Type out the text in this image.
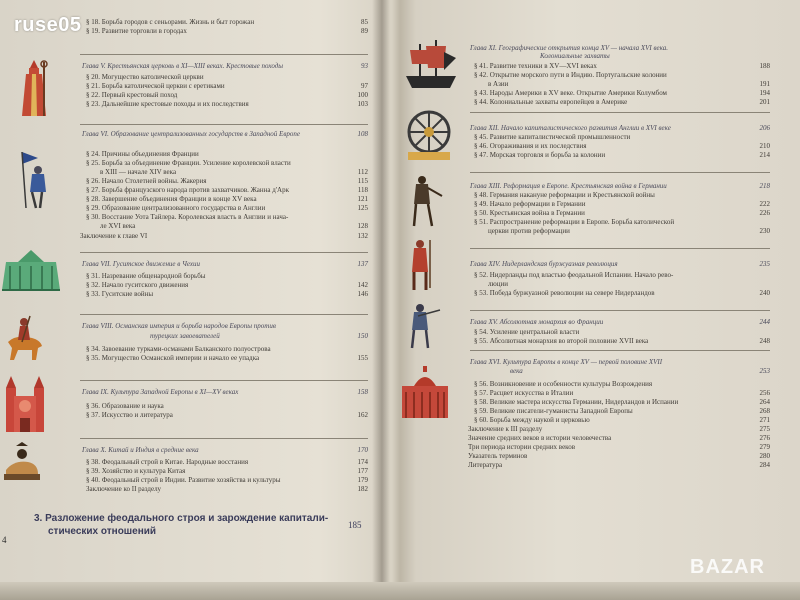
ruse05
BAZAR
§ 18. Борьба городов с сеньорами. Жизнь и быт горожан	85
§ 19. Развитие торговли в городах	89
Глава V. Крестьянская церковь в XI—XIII веках. Крестовые походы	93
§ 20. Могущество католической церкви
§ 21. Борьба католической церкви с еретиками	97
§ 22. Первый крестовый поход	100
§ 23. Дальнейшие крестовые походы и их последствия	103
Глава VI. Образование централизованных государств в Западной Европе	108
§ 24. Причины объединения Франции
§ 25. Борьба за объединение Франции. Усиление королевской власти
в XIII — начале XIV века	112
§ 26. Начало Столетней войны. Жакерия	115
§ 27. Борьба французского народа против захватчиков. Жанна д'Арк	118
§ 28. Завершение объединения Франции в конце XV века	121
§ 29. Образование централизованного государства в Англии	125
§ 30. Восстание Уота Тайлера. Королевская власть в Англии и нача-
ле XVI века	128
Заключение к главе VI	132
Глава VII. Гуситское движение в Чехии	137
§ 31. Назревание общенародной борьбы
§ 32. Начало гуситского движения	142
§ 33. Гуситские войны	146
Глава VIII. Османская империя и борьба народов Европы против
турецких завоевателей	150
§ 34. Завоевание турками-османами Балканского полуострова
§ 35. Могущество Османской империи и начало ее упадка	155
Глава IX. Культура Западной Европы в XI—XV веках	158
§ 36. Образование и наука
§ 37. Искусство и литература	162
Глава X. Китай и Индия в средние века	170
§ 38. Феодальный строй в Китае. Народные восстания	174
§ 39. Хозяйство и культура Китая	177
§ 40. Феодальный строй в Индии. Развитие хозяйства и культуры	179
Заключение ко II разделу	182
3. Разложение феодального строя и зарождение капитали-
стических отношений
185
4
Глава XI. Географические открытия конца XV — начала XVI века.
Колониальные захваты
§ 41. Развитие техники в XV—XVI веках	188
§ 42. Открытие морского пути в Индию. Португальские колонии
в Азии	191
§ 43. Народы Америки в XV веке. Открытие Америки Колумбом	194
§ 44. Колониальные захваты европейцев в Америке	201
Глава XII. Начало капиталистического развития Англии в XVI веке	206
§ 45. Развитие капиталистической промышленности
§ 46. Огораживания и их последствия	210
§ 47. Морская торговля и борьба за колонии	214
Глава XIII. Реформация в Европе. Крестьянская война в Германии	218
§ 48. Германия накануне реформации и Крестьянской войны
§ 49. Начало реформации в Германии	222
§ 50. Крестьянская война в Германии	226
§ 51. Распространение реформации в Европе. Борьба католической
церкви против реформации	230
Глава XIV. Нидерландская буржуазная революция	235
§ 52. Нидерланды под властью феодальной Испании. Начало рево-
люции
§ 53. Победа буржуазной революции на севере Нидерландов	240
Глава XV. Абсолютная монархия во Франции	244
§ 54. Усиление центральной власти
§ 55. Абсолютная монархия во второй половине XVII века	248
Глава XVI. Культура Европы в конце XV — первой половине XVII
века	253
§ 56. Возникновение и особенности культуры Возрождения
§ 57. Расцвет искусства в Италии	256
§ 58. Великие мастера искусства Германии, Нидерландов и Испании	264
§ 59. Великие писатели-гуманисты Западной Европы	268
§ 60. Борьба между наукой и церковью	271
Заключение к III разделу	275
Значение средних веков в истории человечества	276
Три периода истории средних веков	279
Указатель терминов	280
Литература	284
